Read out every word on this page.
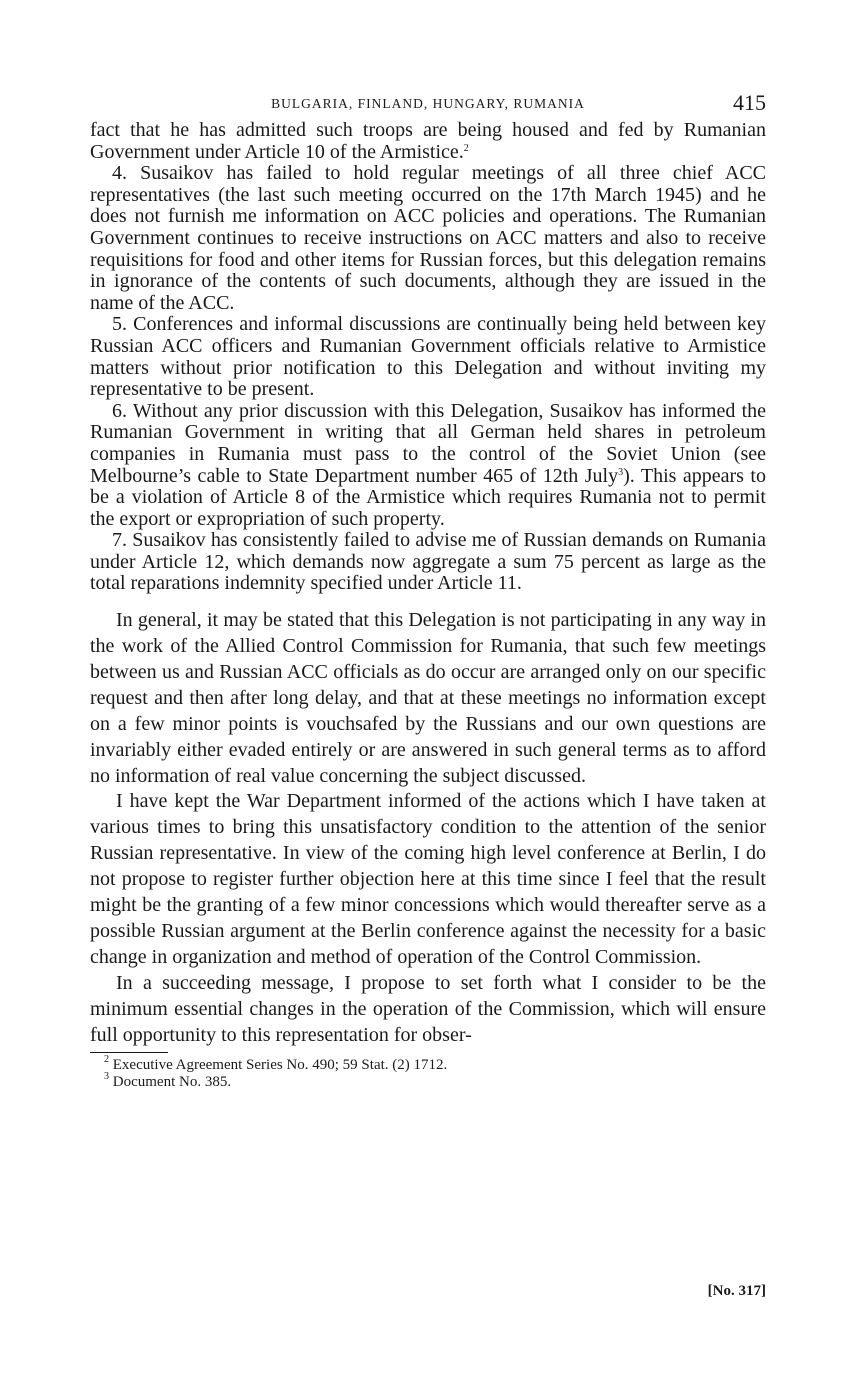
BULGARIA, FINLAND, HUNGARY, RUMANIA	415

fact that he has admitted such troops are being housed and fed by Rumanian Government under Article 10 of the Armistice.$^2$

4. Susaikov has failed to hold regular meetings of all three chief ACC representatives (the last such meeting occurred on the 17th March 1945) and he does not furnish me information on ACC policies and operations. The Rumanian Government continues to receive instructions on ACC matters and also to receive requisitions for food and other items for Russian forces, but this delegation remains in ignorance of the contents of such documents, although they are issued in the name of the ACC.

5. Conferences and informal discussions are continually being held between key Russian ACC officers and Rumanian Government officials relative to Armistice matters without prior notification to this Delegation and without inviting my representative to be present.

6. Without any prior discussion with this Delegation, Susaikov has informed the Rumanian Government in writing that all German held shares in petroleum companies in Rumania must pass to the control of the Soviet Union (see Melbourne’s cable to State Department number 465 of 12th July$^3$). This appears to be a violation of Article 8 of the Armistice which requires Rumania not to permit the export or expropriation of such property.

7. Susaikov has consistently failed to advise me of Russian demands on Rumania under Article 12, which demands now aggregate a sum 75 percent as large as the total reparations indemnity specified under Article 11.

In general, it may be stated that this Delegation is not participating in any way in the work of the Allied Control Commission for Rumania, that such few meetings between us and Russian ACC officials as do occur are arranged only on our specific request and then after long delay, and that at these meetings no information except on a few minor points is vouchsafed by the Russians and our own questions are invariably either evaded entirely or are answered in such general terms as to afford no information of real value concerning the subject discussed.

I have kept the War Department informed of the actions which I have taken at various times to bring this unsatisfactory condition to the attention of the senior Russian representative. In view of the coming high level conference at Berlin, I do not propose to register further objection here at this time since I feel that the result might be the granting of a few minor concessions which would thereafter serve as a possible Russian argument at the Berlin conference against the necessity for a basic change in organization and method of operation of the Control Commission.

In a succeeding message, I propose to set forth what I consider to be the minimum essential changes in the operation of the Commission, which will ensure full opportunity to this representation for obser-

$^2$ Executive Agreement Series No. 490; 59 Stat. (2) 1712.

$^3$ Document No. 385.

[No. 317]
